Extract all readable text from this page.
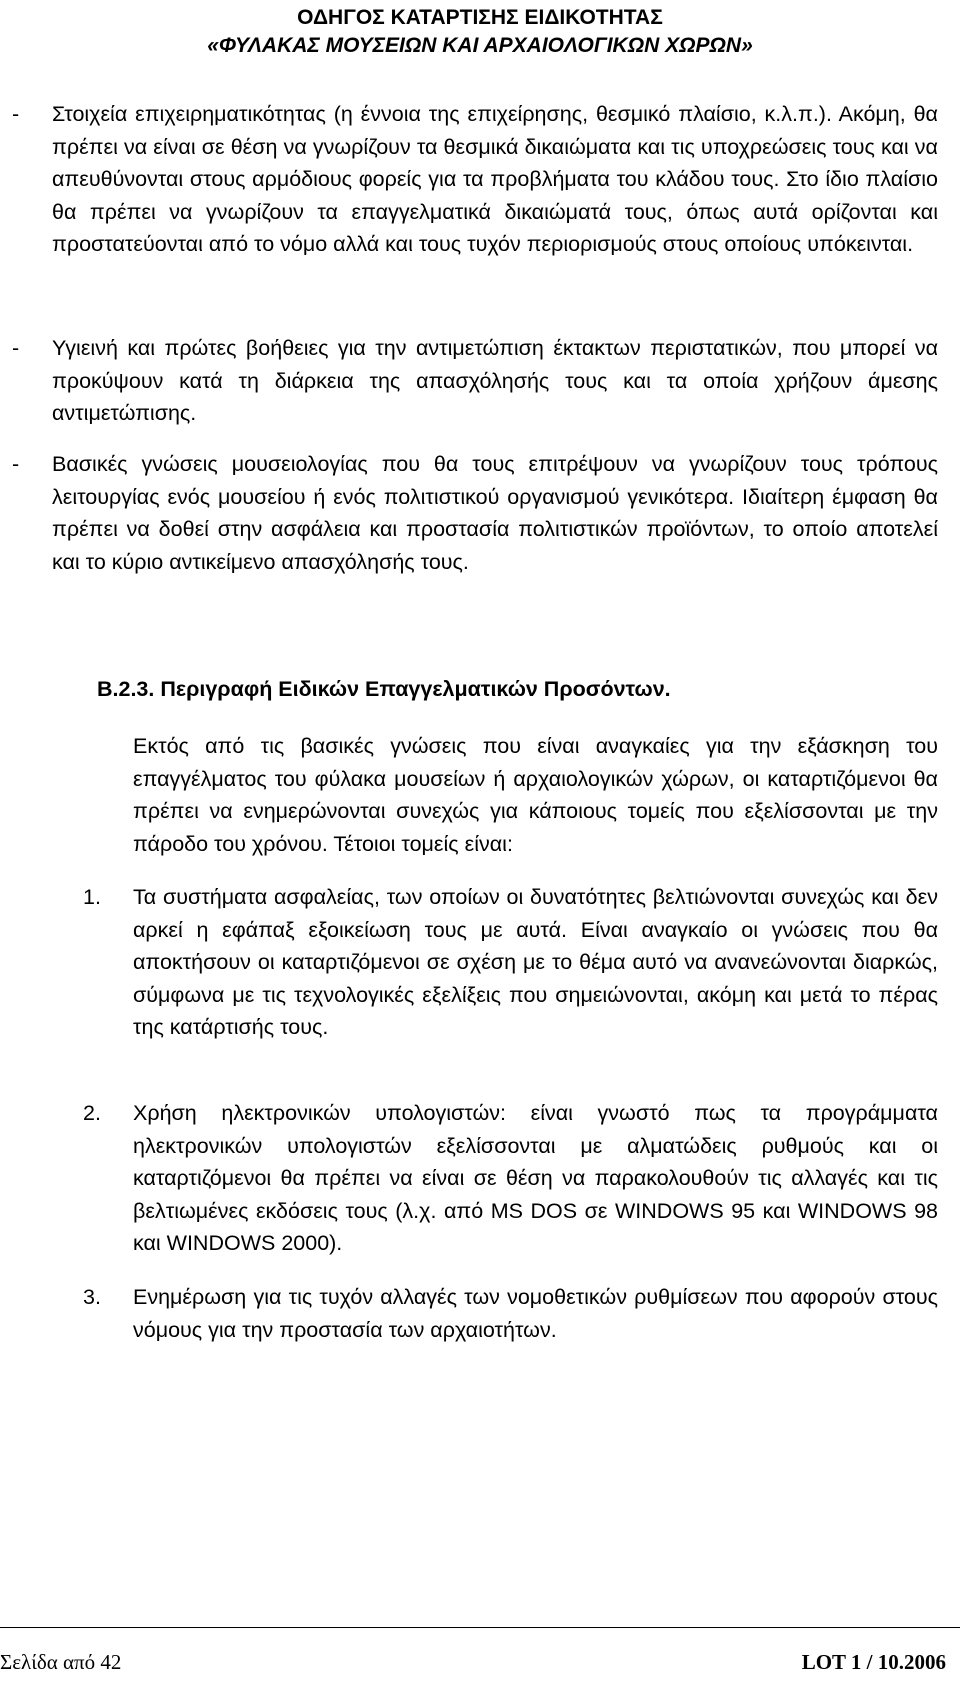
ΟΔΗΓΟΣ ΚΑΤΑΡΤΙΣΗΣ ΕΙΔΙΚΟΤΗΤΑΣ
«ΦΥΛΑΚΑΣ ΜΟΥΣΕΙΩΝ ΚΑΙ ΑΡΧΑΙΟΛΟΓΙΚΩΝ ΧΩΡΩΝ»
- Στοιχεία επιχειρηματικότητας (η έννοια της επιχείρησης, θεσμικό πλαίσιο, κ.λ.π.). Ακόμη, θα πρέπει να είναι σε θέση να γνωρίζουν τα θεσμικά δικαιώματα και τις υποχρεώσεις τους και να απευθύνονται στους αρμόδιους φορείς για τα προβλήματα του κλάδου τους. Στο ίδιο πλαίσιο θα πρέπει να γνωρίζουν τα επαγγελματικά δικαιώματά τους, όπως αυτά ορίζονται και προστατεύονται από το νόμο αλλά και τους τυχόν περιορισμούς στους οποίους υπόκεινται.
- Υγιεινή και πρώτες βοήθειες για την αντιμετώπιση έκτακτων περιστατικών, που μπορεί να προκύψουν κατά τη διάρκεια της απασχόλησής τους και τα οποία χρήζουν άμεσης αντιμετώπισης.
- Βασικές γνώσεις μουσειολογίας που θα τους επιτρέψουν να γνωρίζουν τους τρόπους λειτουργίας ενός μουσείου ή ενός πολιτιστικού οργανισμού γενικότερα. Ιδιαίτερη έμφαση θα πρέπει να δοθεί στην ασφάλεια και προστασία πολιτιστικών προϊόντων, το οποίο αποτελεί και το κύριο αντικείμενο απασχόλησής τους.
Β.2.3. Περιγραφή Ειδικών Επαγγελματικών Προσόντων.
Εκτός από τις βασικές γνώσεις που είναι αναγκαίες για την εξάσκηση του επαγγέλματος του φύλακα μουσείων ή αρχαιολογικών χώρων, οι καταρτιζόμενοι θα πρέπει να ενημερώνονται συνεχώς για κάποιους τομείς που εξελίσσονται με την πάροδο του χρόνου. Τέτοιοι τομείς είναι:
1. Τα συστήματα ασφαλείας, των οποίων οι δυνατότητες βελτιώνονται συνεχώς και δεν αρκεί η εφάπαξ εξοικείωση τους με αυτά. Είναι αναγκαίο οι γνώσεις που θα αποκτήσουν οι καταρτιζόμενοι σε σχέση με το θέμα αυτό να ανανεώνονται διαρκώς, σύμφωνα με τις τεχνολογικές εξελίξεις που σημειώνονται, ακόμη και μετά το πέρας της κατάρτισής τους.
2. Χρήση ηλεκτρονικών υπολογιστών: είναι γνωστό πως τα προγράμματα ηλεκτρονικών υπολογιστών εξελίσσονται με αλματώδεις ρυθμούς και οι καταρτιζόμενοι θα πρέπει να είναι σε θέση να παρακολουθούν τις αλλαγές και τις βελτιωμένες εκδόσεις τους (λ.χ. από MS DOS σε WINDOWS 95 και WINDOWS 98 και WINDOWS 2000).
3. Ενημέρωση για τις τυχόν αλλαγές των νομοθετικών ρυθμίσεων που αφορούν στους νόμους για την προστασία των αρχαιοτήτων.
Σελίδα από 42	LOT 1 / 10.2006
